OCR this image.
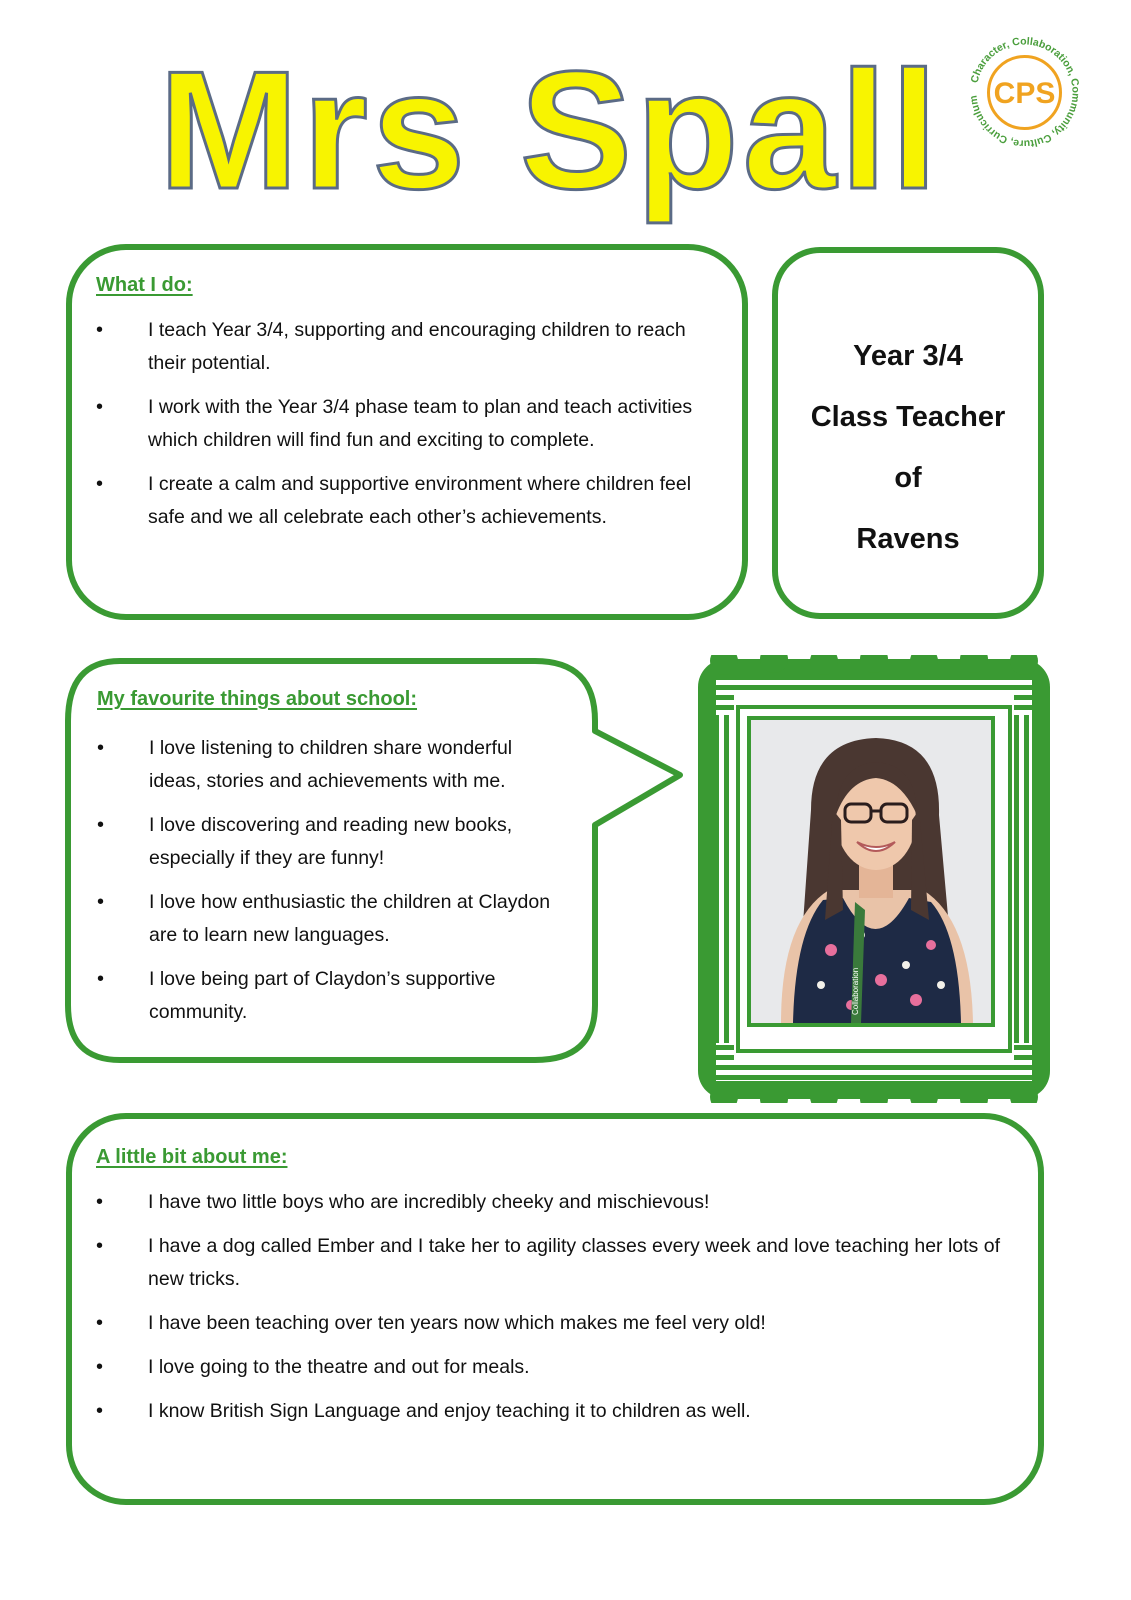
Mrs Spall	Character, Collaboration, Community, Culture, Curriculum CPS
What I do:
• I teach Year 3/4, supporting and encouraging children to reach their potential.
• I work with the Year 3/4 phase team to plan and teach activities which children will find fun and exciting to complete.
• I create a calm and supportive environment where children feel safe and we all celebrate each other’s achievements.
Year 3/4
Class Teacher
of
Ravens
My favourite things about school:
• I love listening to children share wonderful ideas, stories and achievements with me.
• I love discovering and reading new books, especially if they are funny!
• I love how enthusiastic the children at Claydon are to learn new languages.
• I love being part of Claydon’s supportive community.	Collaboration
A little bit about me:
• I have two little boys who are incredibly cheeky and mischievous!
• I have a dog called Ember and I take her to agility classes every week and love teaching her lots of new tricks.
• I have been teaching over ten years now which makes me feel very old!
• I love going to the theatre and out for meals.
• I know British Sign Language and enjoy teaching it to children as well.
